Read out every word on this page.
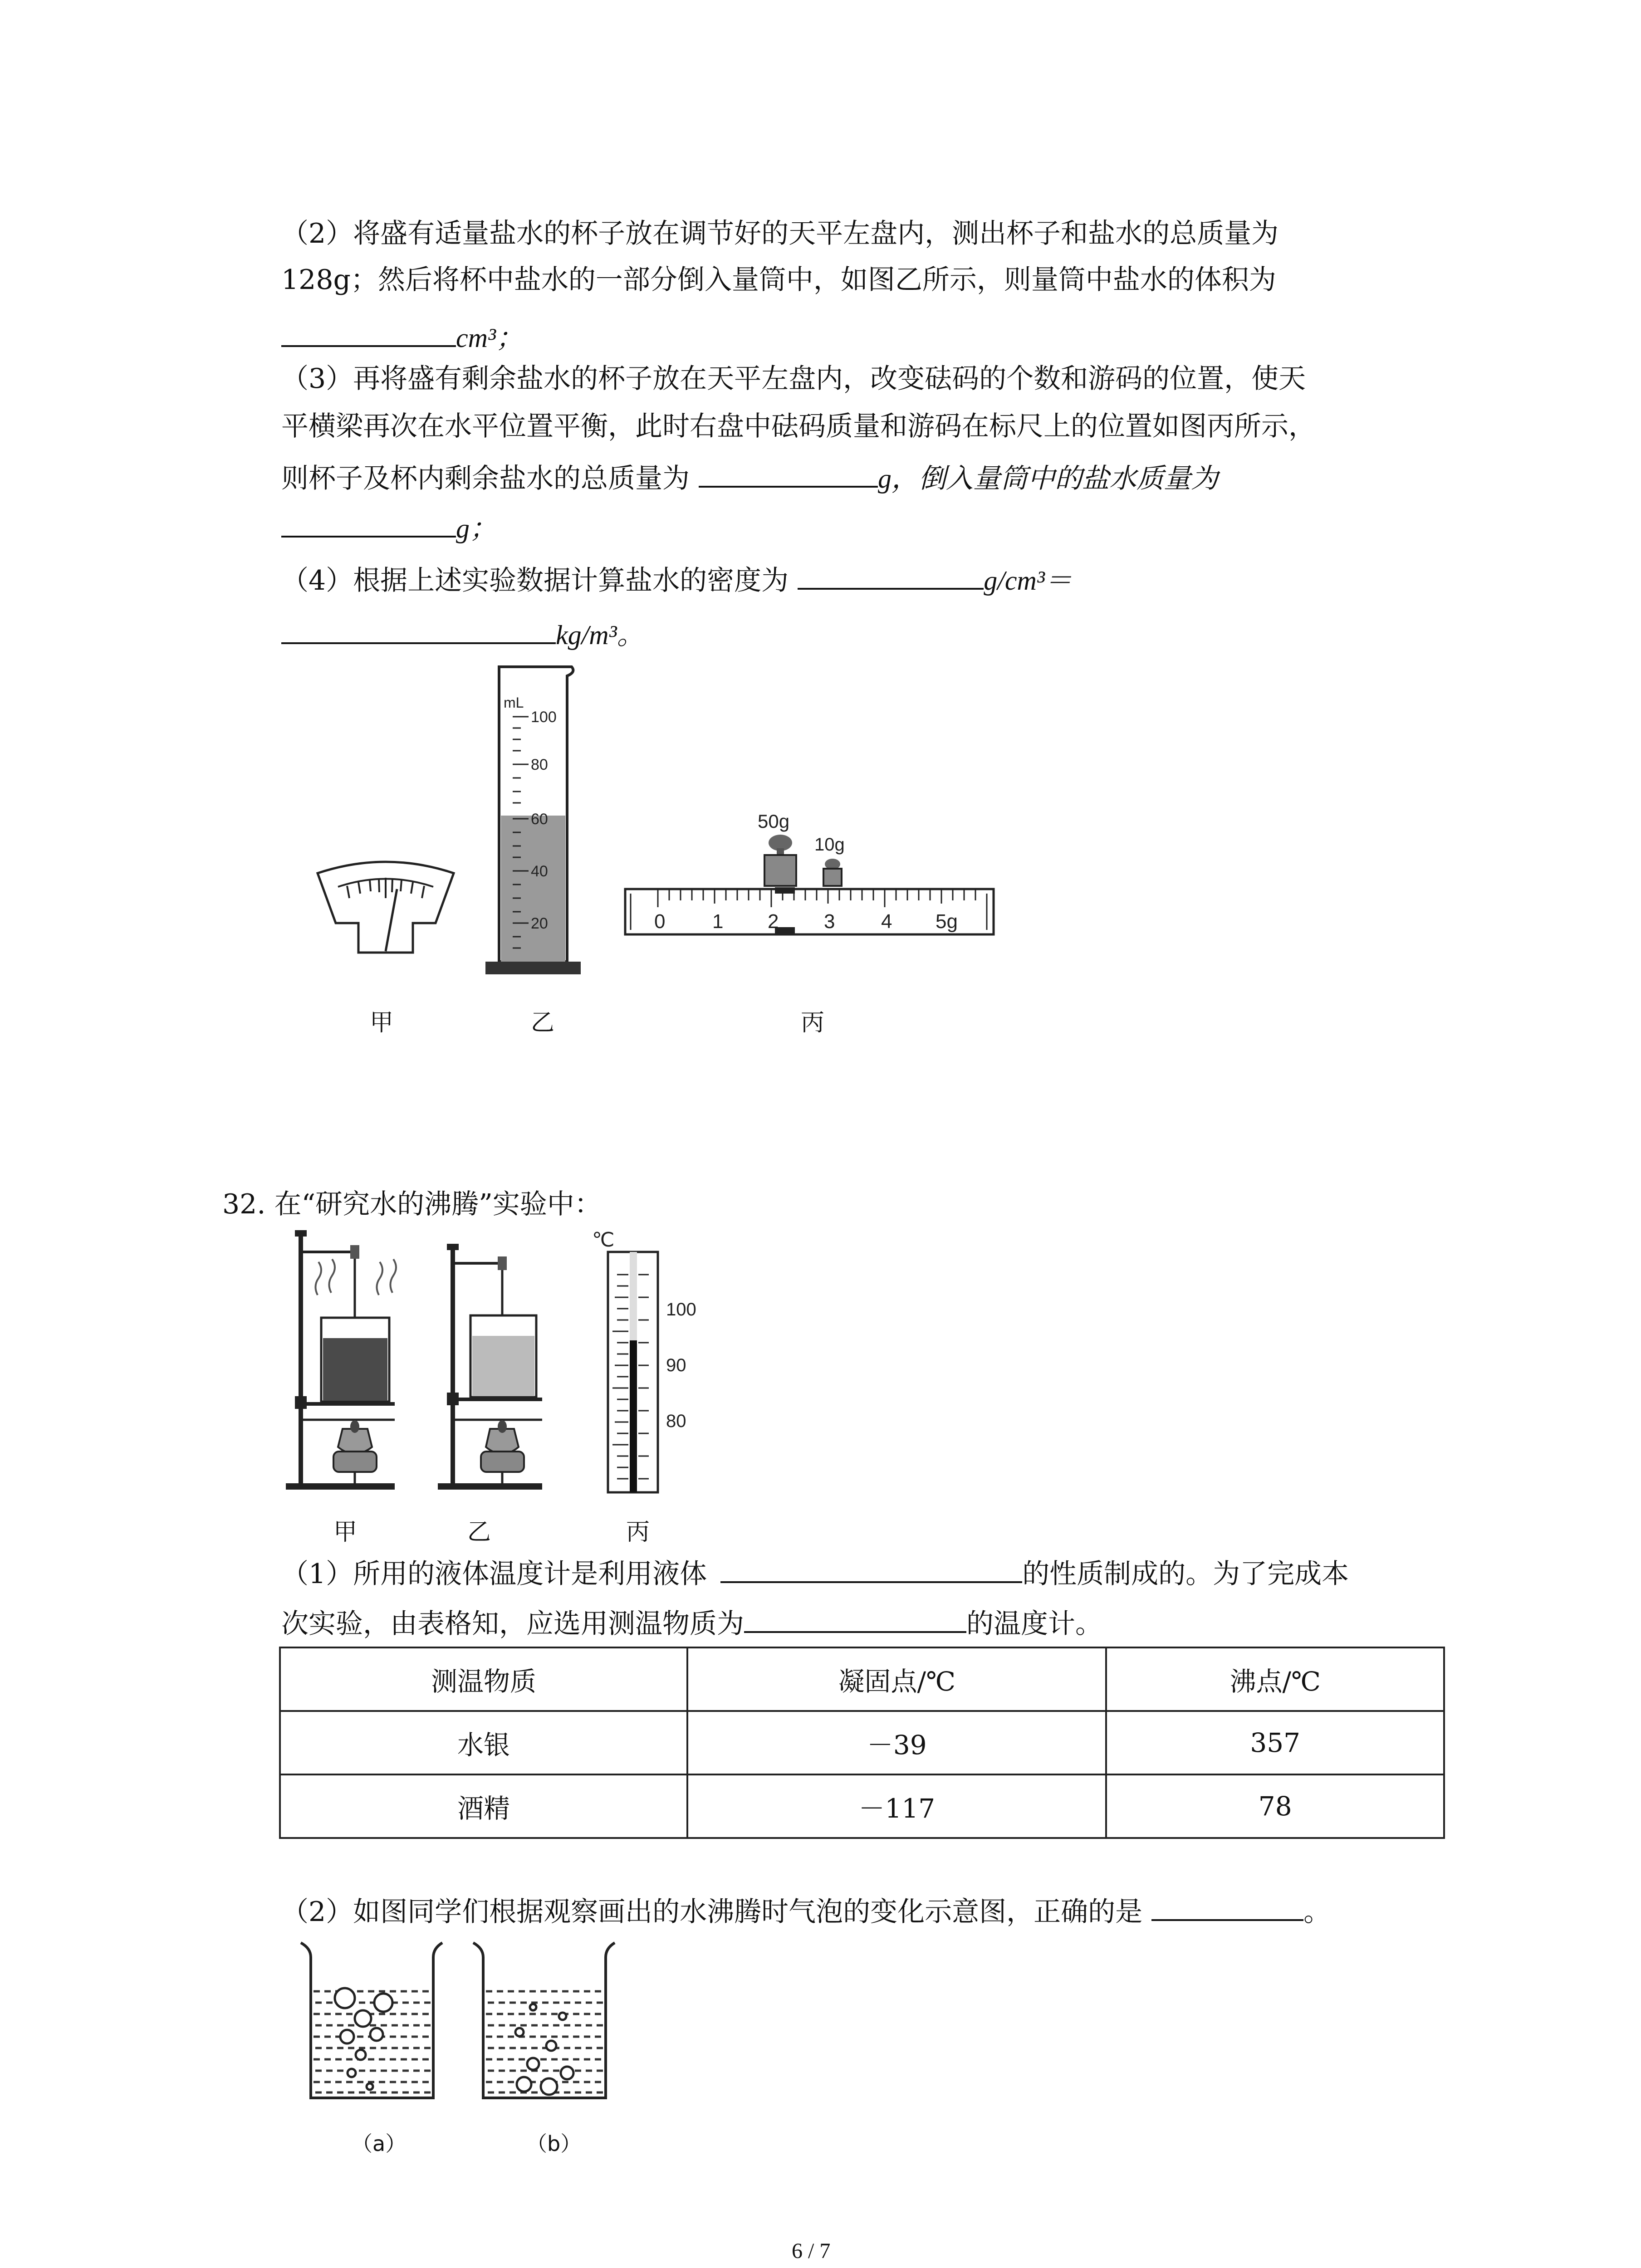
（2）将盛有适量盐水的杯子放在调节好的天平左盘内，测出杯子和盐水的总质量为
128g；然后将杯中盐水的一部分倒入量筒中，如图乙所示，则量筒中盐水的体积为
cm³；
（3）再将盛有剩余盐水的杯子放在天平左盘内，改变砝码的个数和游码的位置，使天
平横梁再次在水平位置平衡，此时右盘中砝码质量和游码在标尺上的位置如图丙所示，
则杯子及杯内剩余盐水的总质量为	g，倒入量筒中的盐水质量为
g；
（4）根据上述实验数据计算盐水的密度为	g/cm³＝
kg/m³。
mL
100
80
60
40
20
50g
10g
0 1 2 3 4 5g
甲	乙	丙
32. 在“研究水的沸腾”实验中：
℃
100
90
80
甲	乙	丙
（1）所用的液体温度计是利用液体	的性质制成的。为了完成本
次实验，由表格知，应选用测温物质为	的温度计。
测温物质	凝固点/℃	沸点/℃
水银	－39	357
酒精	－117	78
（2）如图同学们根据观察画出的水沸腾时气泡的变化示意图，正确的是	。
（a）	（b）
6 / 7
